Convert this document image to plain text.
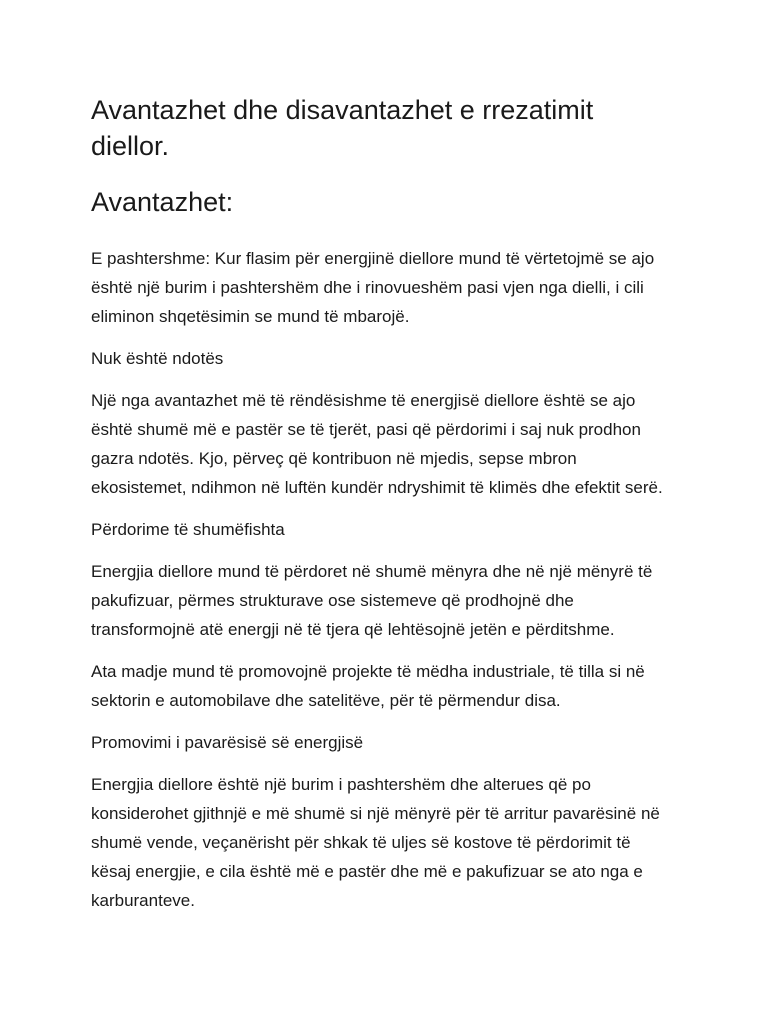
Avantazhet dhe disavantazhet e rrezatimit diellor.
Avantazhet:

E pashtershme: Kur flasim për energjinë diellore mund të vërtetojmë se ajo është një burim i pashtershëm dhe i rinovueshëm pasi vjen nga dielli, i cili eliminon shqetësimin se mund të mbarojë.

Nuk është ndotës

Një nga avantazhet më të rëndësishme të energjisë diellore është se ajo është shumë më e pastër se të tjerët, pasi që përdorimi i saj nuk prodhon gazra ndotës. Kjo, përveç që kontribuon në mjedis, sepse mbron ekosistemet, ndihmon në luftën kundër ndryshimit të klimës dhe efektit serë.

Përdorime të shumëfishta

Energjia diellore mund të përdoret në shumë mënyra dhe në një mënyrë të pakufizuar, përmes strukturave ose sistemeve që prodhojnë dhe transformojnë atë energji në të tjera që lehtësojnë jetën e përditshme.

Ata madje mund të promovojnë projekte të mëdha industriale, të tilla si në sektorin e automobilave dhe satelitëve, për të përmendur disa.

Promovimi i pavarësisë së energjisë

Energjia diellore është një burim i pashtershëm dhe alterues që po konsiderohet gjithnjë e më shumë si një mënyrë për të arritur pavarësinë në shumë vende, veçanërisht për shkak të uljes së kostove të përdorimit të kësaj energjie, e cila është më e pastër dhe më e pakufizuar se ato nga e karburanteve.
